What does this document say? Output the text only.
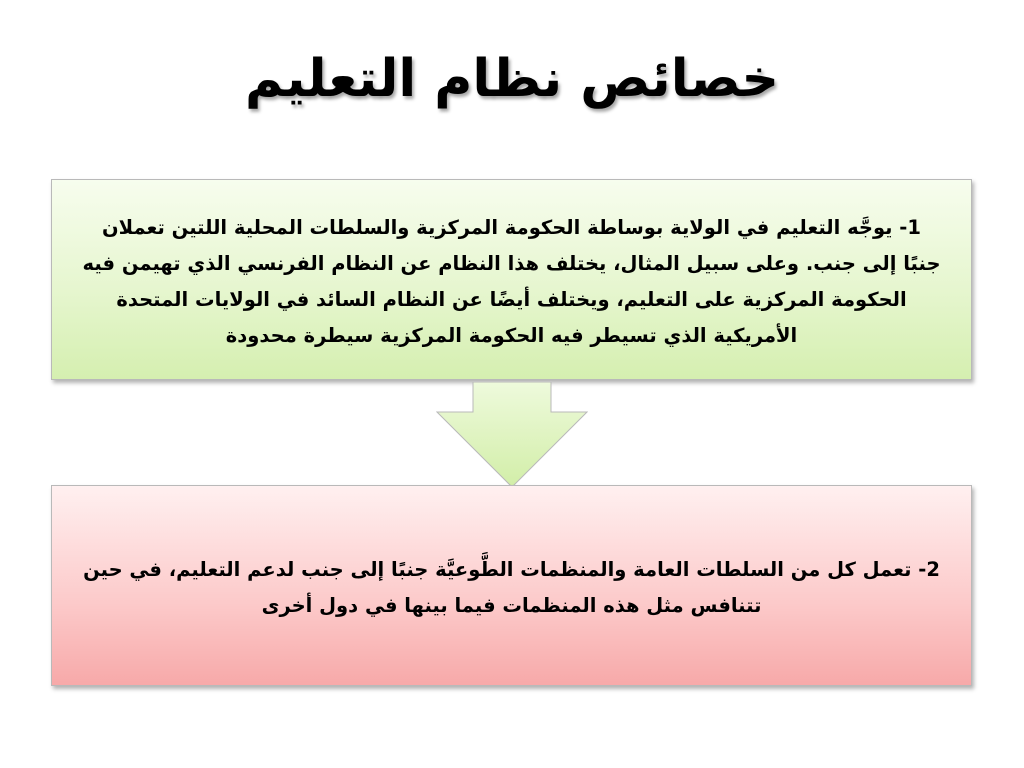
خصائص نظام التعليم
1- يوجَّه التعليم في الولاية بوساطة الحكومة المركزية والسلطات المحلية اللتين تعملان جنبًا إلى جنب. وعلى سبيل المثال، يختلف هذا النظام عن النظام الفرنسي الذي تهيمن فيه الحكومة المركزية على التعليم، ويختلف أيضًا عن النظام السائد في الولايات المتحدة الأمريكية الذي تسيطر فيه الحكومة المركزية سيطرة محدودة
2- تعمل كل من السلطات العامة والمنظمات الطَّوعيَّة جنبًا إلى جنب لدعم التعليم، في حين تتنافس مثل هذه المنظمات فيما بينها في دول أخرى
